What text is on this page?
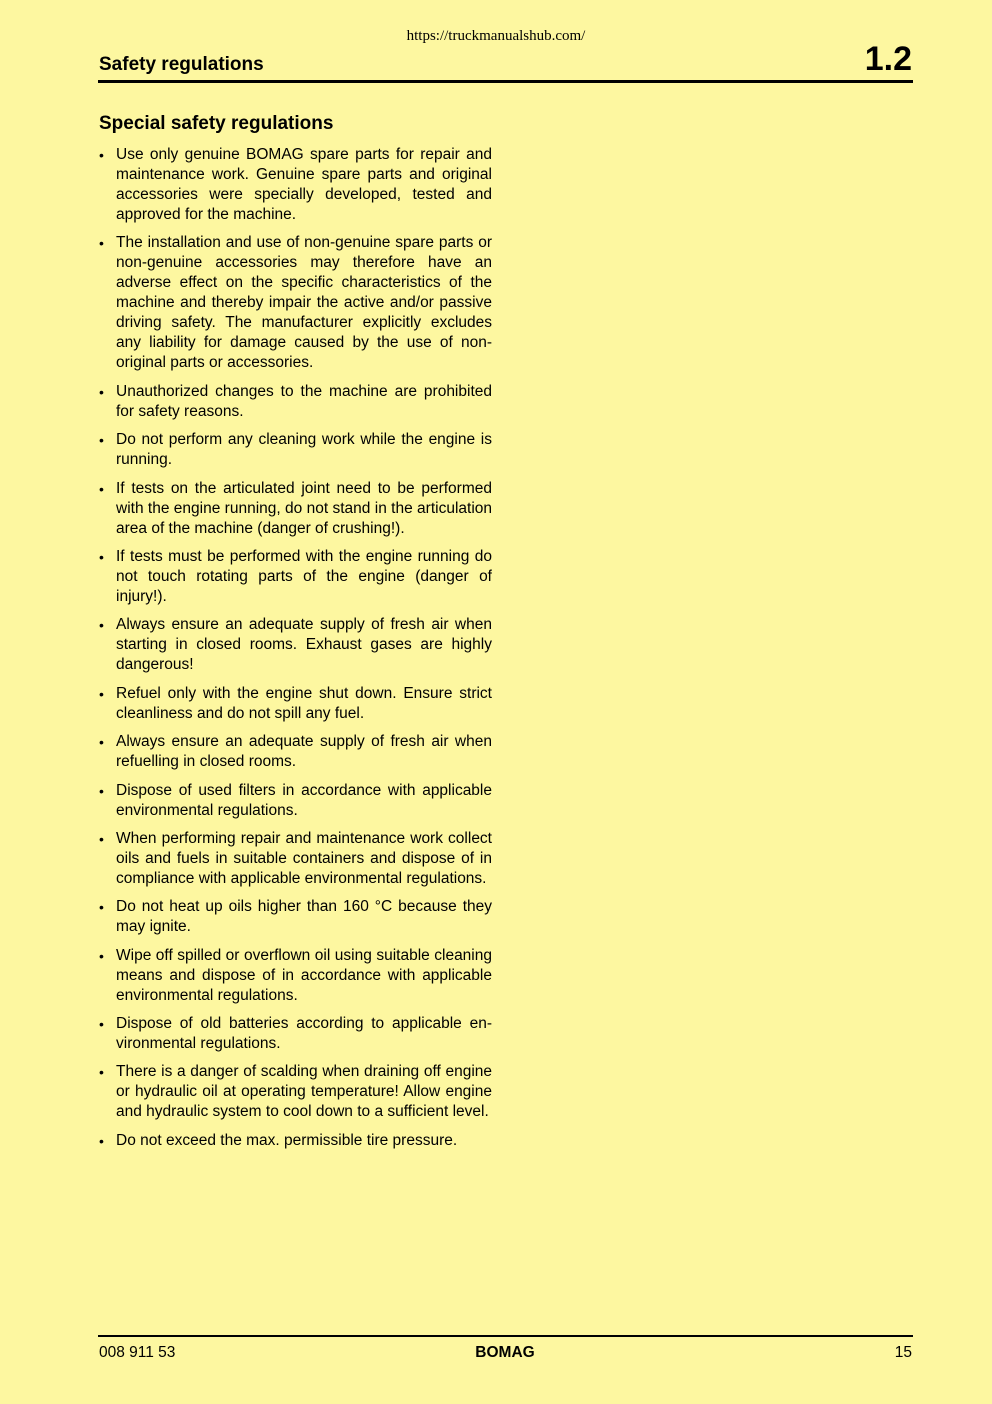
https://truckmanualshub.com/
Safety regulations	1.2
Special safety regulations
• Use only genuine BOMAG spare parts for repair and maintenance work. Genuine spare parts and original accessories were specially developed, tested and approved for the machine.
• The installation and use of non-genuine spare parts or non-genuine accessories may therefore have an adverse effect on the specific characteristics of the machine and thereby impair the active and/or passive driving safety. The manufacturer explicitly excludes any liability for damage caused by the use of non-original parts or accessories.
• Unauthorized changes to the machine are prohibited for safety reasons.
• Do not perform any cleaning work while the engine is running.
• If tests on the articulated joint need to be performed with the engine running, do not stand in the articulation area of the machine (danger of crushing!).
• If tests must be performed with the engine running do not touch rotating parts of the engine (danger of injury!).
• Always ensure an adequate supply of fresh air when starting in closed rooms. Exhaust gases are highly dangerous!
• Refuel only with the engine shut down. Ensure strict cleanliness and do not spill any fuel.
• Always ensure an adequate supply of fresh air when refuelling in closed rooms.
• Dispose of used filters in accordance with applicable environmental regulations.
• When performing repair and maintenance work collect oils and fuels in suitable containers and dispose of in compliance with applicable environmental regulations.
• Do not heat up oils higher than 160 °C because they may ignite.
• Wipe off spilled or overflown oil using suitable cleaning means and dispose of in accordance with applicable environmental regulations.
• Dispose of old batteries according to applicable environmental regulations.
• There is a danger of scalding when draining off engine or hydraulic oil at operating temperature! Allow engine and hydraulic system to cool down to a sufficient level.
• Do not exceed the max. permissible tire pressure.
008 911 53	BOMAG	15
